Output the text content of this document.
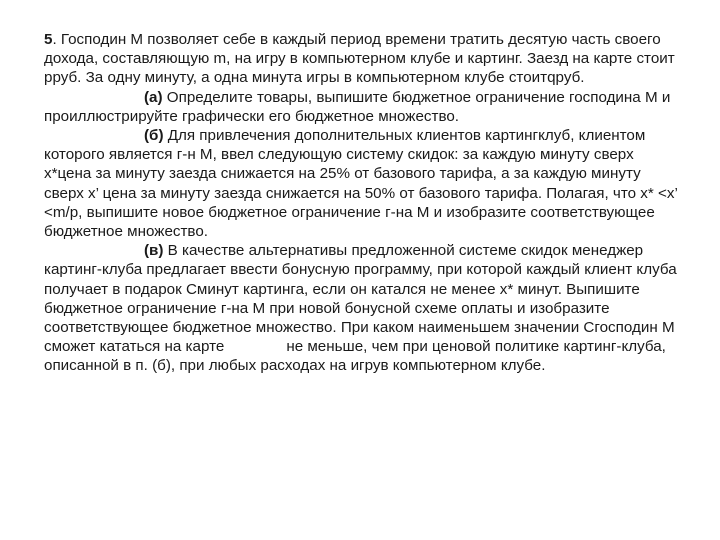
5. Господин М позволяет себе в каждый период времени тратить десятую часть своего дохода, составляющую m, на игру в компьютерном клубе и картинг. Заезд на карте стоит pруб. За одну минуту, а одна минута игры в компьютерном клубе стоитqруб.

(а) Определите товары, выпишите бюджетное ограничение господина М и проиллюстрируйте графически его бюджетное множество.

(б) Для привлечения дополнительных клиентов картингклуб, клиентом которого является г-н М, ввел следующую систему скидок: за каждую минуту сверх x*цена за минуту заезда снижается на 25% от базового тарифа, а за каждую минуту сверх x’ цена за минуту заезда снижается на 50% от базового тарифа. Полагая, что x* <x’ <m/p, выпишите новое бюджетное ограничение г-на М и изобразите соответствующее бюджетное множество.

(в) В качестве альтернативы предложенной системе скидок менеджер картинг-клуба предлагает ввести бонусную программу, при которой каждый клиент клуба получает в подарок Cминут картинга, если он катался не менее x* минут. Выпишите бюджетное ограничение г-на М при новой бонусной схеме оплаты и изобразите соответствующее бюджетное множество. При каком наименьшем значении Cгосподин М сможет кататься на карте	не меньше, чем при ценовой политике картинг-клуба, описанной в п. (б), при любых расходах на игрув компьютерном клубе.
